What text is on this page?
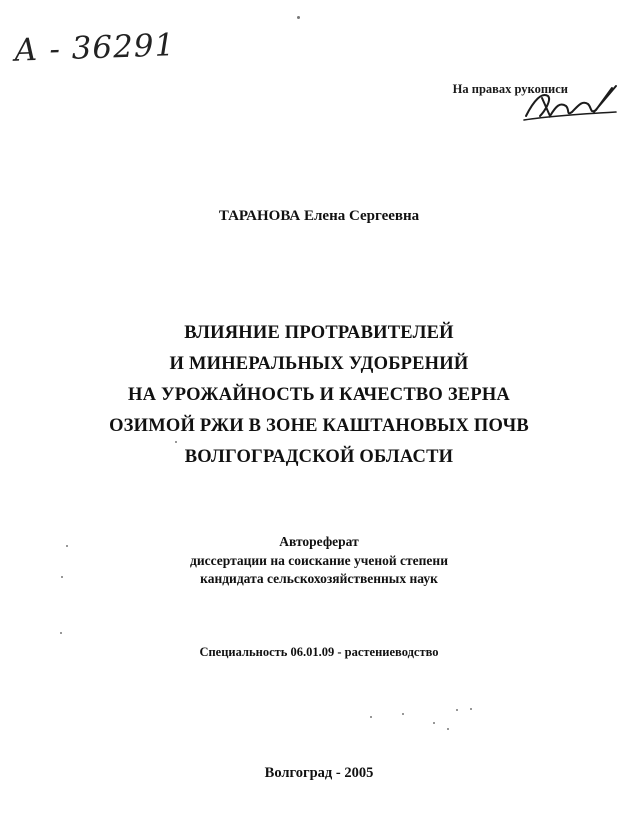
А - 36291
На правах рукописи
ТАРАНОВА Елена Сергеевна
ВЛИЯНИЕ ПРОТРАВИТЕЛЕЙ
И МИНЕРАЛЬНЫХ УДОБРЕНИЙ
НА УРОЖАЙНОСТЬ И КАЧЕСТВО ЗЕРНА
ОЗИМОЙ РЖИ В ЗОНЕ КАШТАНОВЫХ ПОЧВ
ВОЛГОГРАДСКОЙ ОБЛАСТИ
Автореферат
диссертации на соискание ученой степени
кандидата сельскохозяйственных наук
Специальность 06.01.09 - растениеводство
Волгоград - 2005
